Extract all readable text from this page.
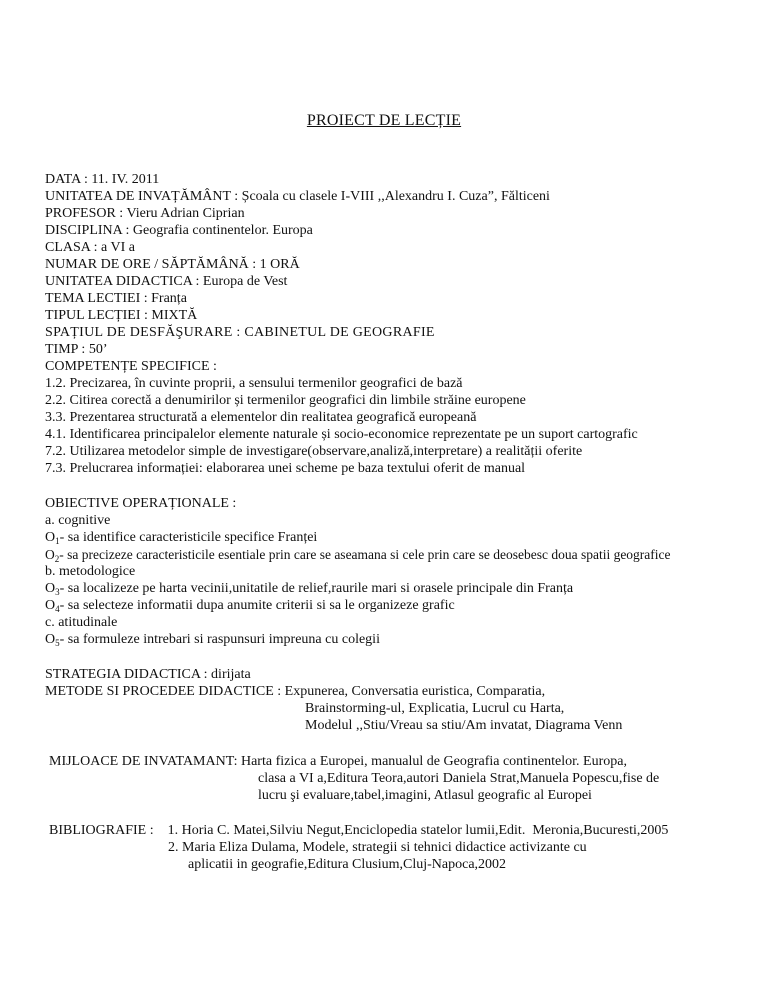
PROIECT DE LECȚIE
DATA : 11. IV. 2011
UNITATEA DE INVAȚĂMÂNT : Școala cu clasele I-VIII ,,Alexandru I. Cuza”, Fălticeni
PROFESOR : Vieru Adrian Ciprian
DISCIPLINA : Geografia continentelor. Europa
CLASA : a VI a
NUMAR DE ORE / SĂPTĂMÂNĂ : 1 ORĂ
UNITATEA DIDACTICA : Europa de Vest
TEMA LECTIEI : Franța
TIPUL LECȚIEI : MIXTĂ
SPAȚIUL DE DESFĂŞURARE : CABINETUL DE GEOGRAFIE
TIMP : 50’
COMPETENȚE SPECIFICE :
1.2. Precizarea, în cuvinte proprii, a sensului termenilor geografici de bază
2.2. Citirea corectă a denumirilor și termenilor geografici din limbile străine europene
3.3. Prezentarea structurată a elementelor din realitatea geografică europeană
4.1. Identificarea principalelor elemente naturale și socio-economice reprezentate pe un suport cartografic
7.2. Utilizarea metodelor simple de investigare(observare,analiză,interpretare) a realității oferite
7.3. Prelucrarea informației: elaborarea unei scheme pe baza textului oferit de manual
OBIECTIVE OPERAȚIONALE :
a. cognitive
$O_1-$ sa identifice caracteristicile specifice Franței
$O_2-$ sa precizeze caracteristicile esentiale prin care se aseamana si cele prin care se deosebesc doua spatii geografice
b. metodologice
$O_3-$ sa localizeze pe harta vecinii,unitatile de relief,raurile mari si orasele principale din Franța
$O_4-$ sa selecteze informatii dupa anumite criterii si sa le organizeze grafic
c. atitudinale
$O_5-$ sa formuleze intrebari si raspunsuri impreuna cu colegii
STRATEGIA DIDACTICA : dirijata
METODE SI PROCEDEE DIDACTICE : Expunerea, Conversatia euristica, Comparatia,
Brainstorming-ul, Explicatia, Lucrul cu Harta,
Modelul ,,Stiu/Vreau sa stiu/Am invatat, Diagrama Venn
MIJLOACE DE INVATAMANT: Harta fizica a Europei, manualul de Geografia continentelor. Europa,
clasa a VI a,Editura Teora,autori Daniela Strat,Manuela Popescu,fise de
lucru şi evaluare,tabel,imagini, Atlasul geografic al Europei
BIBLIOGRAFIE :    1. Horia C. Matei,Silviu Negut,Enciclopedia statelor lumii,Edit.  Meronia,Bucuresti,2005
2. Maria Eliza Dulama, Modele, strategii si tehnici didactice activizante cu
aplicatii in geografie,Editura Clusium,Cluj-Napoca,2002
